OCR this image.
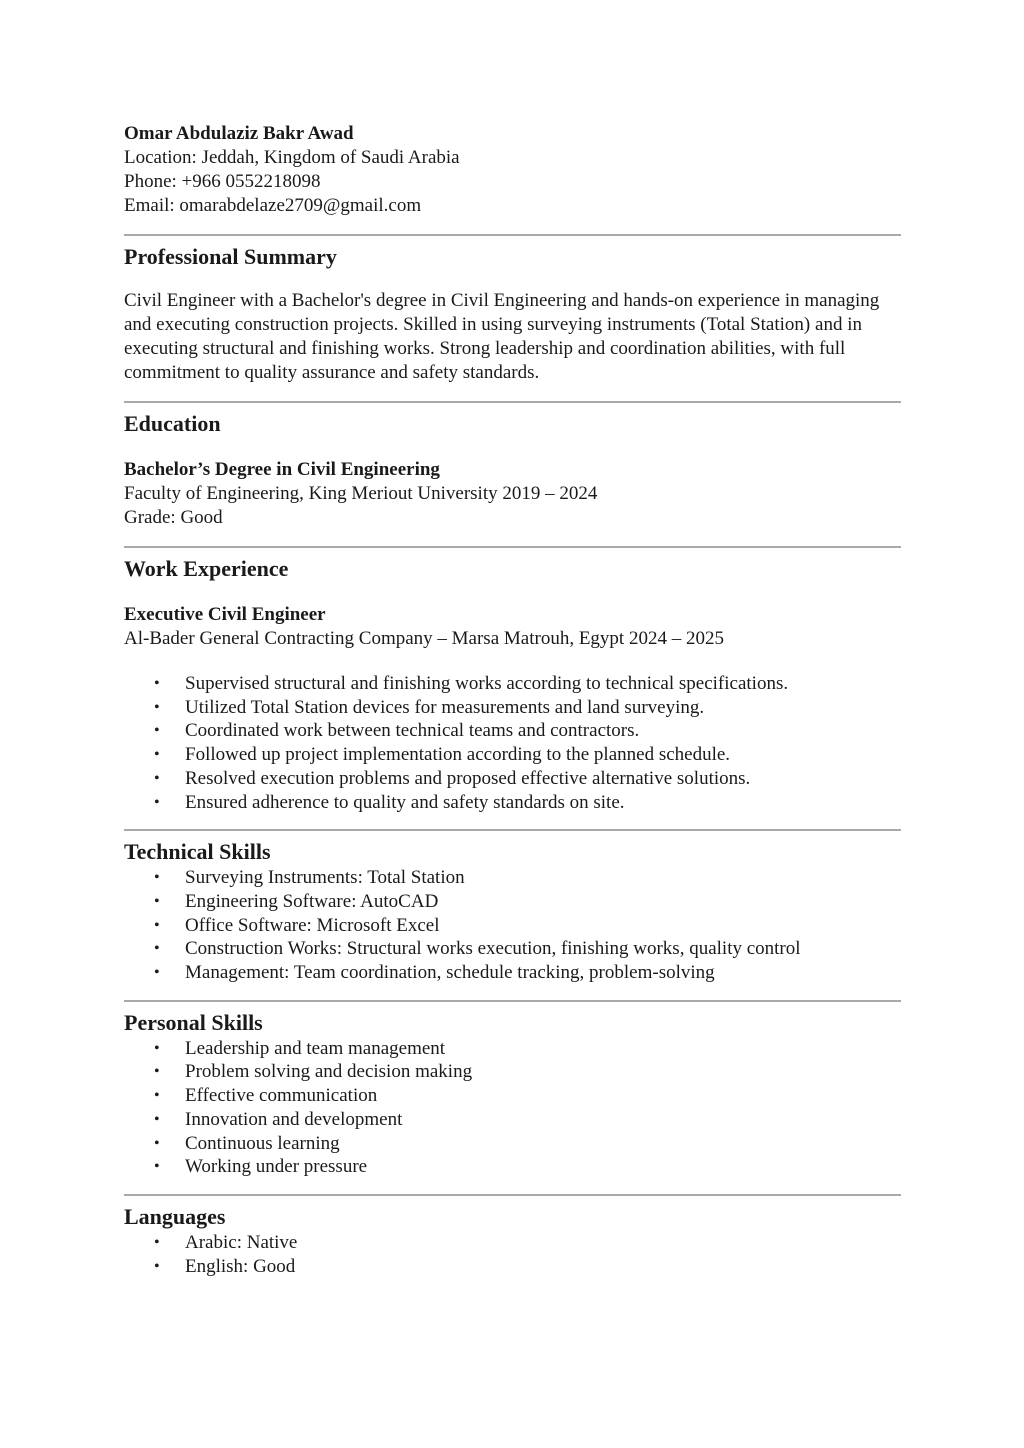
Omar Abdulaziz Bakr Awad

Location: Jeddah, Kingdom of Saudi Arabia

Phone: +966 0552218098

Email: omarabdelaze2709@gmail.com

Professional Summary

Civil Engineer with a Bachelor's degree in Civil Engineering and hands-on experience in managing and executing construction projects. Skilled in using surveying instruments (Total Station) and in executing structural and finishing works. Strong leadership and coordination abilities, with full commitment to quality assurance and safety standards.

Education

Bachelor’s Degree in Civil Engineering

Faculty of Engineering, King Meriout University 2019 – 2024

Grade: Good

Work Experience

Executive Civil Engineer

Al-Bader General Contracting Company – Marsa Matrouh, Egypt 2024 – 2025

• Supervised structural and finishing works according to technical specifications.
• Utilized Total Station devices for measurements and land surveying.
• Coordinated work between technical teams and contractors.
• Followed up project implementation according to the planned schedule.
• Resolved execution problems and proposed effective alternative solutions.
• Ensured adherence to quality and safety standards on site.
Technical Skills
• Surveying Instruments: Total Station
• Engineering Software: AutoCAD
• Office Software: Microsoft Excel
• Construction Works: Structural works execution, finishing works, quality control
• Management: Team coordination, schedule tracking, problem-solving
Personal Skills
• Leadership and team management
• Problem solving and decision making
• Effective communication
• Innovation and development
• Continuous learning
• Working under pressure
Languages
• Arabic: Native
• English: Good
